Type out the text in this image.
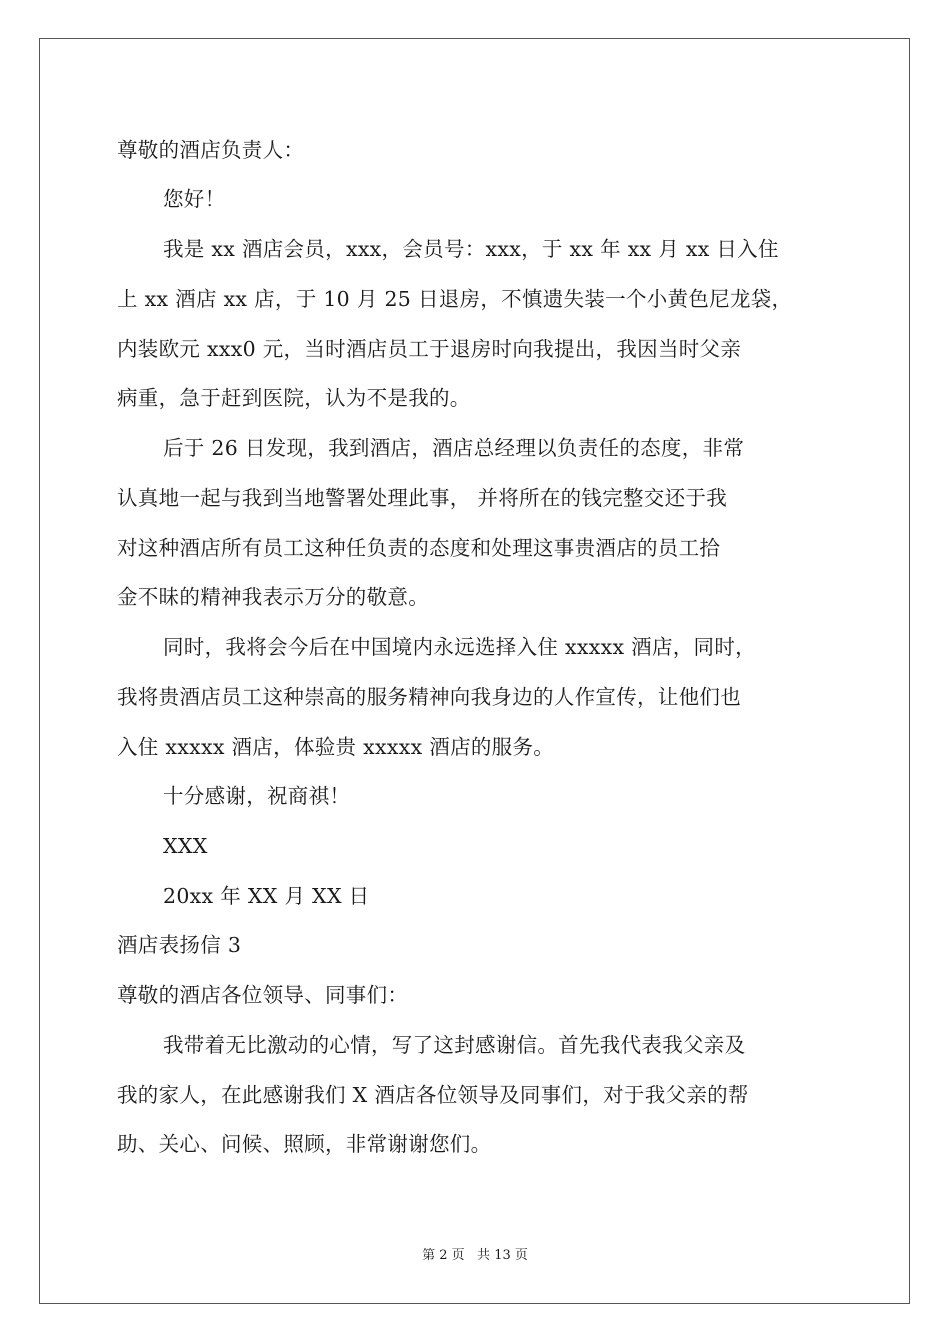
尊敬的酒店负责人：
您好！
我是 xx 酒店会员，xxx，会员号：xxx，于 xx 年 xx 月 xx 日入住
上 xx 酒店 xx 店，于 10 月 25 日退房，不慎遗失装一个小黄色尼龙袋，
内装欧元 xxx0 元，当时酒店员工于退房时向我提出，我因当时父亲
病重，急于赶到医院，认为不是我的。
后于 26 日发现，我到酒店，酒店总经理以负责任的态度，非常
认真地一起与我到当地警署处理此事， 并将所在的钱完整交还于我
对这种酒店所有员工这种任负责的态度和处理这事贵酒店的员工拾
金不昧的精神我表示万分的敬意。
同时，我将会今后在中国境内永远选择入住 xxxxx 酒店，同时，
我将贵酒店员工这种崇高的服务精神向我身边的人作宣传，让他们也
入住 xxxxx 酒店，体验贵 xxxxx 酒店的服务。
十分感谢，祝商祺！
XXX
20xx 年 XX 月 XX 日
酒店表扬信 3
尊敬的酒店各位领导、同事们：
我带着无比激动的心情，写了这封感谢信。首先我代表我父亲及
我的家人，在此感谢我们 X 酒店各位领导及同事们，对于我父亲的帮
助、关心、问候、照顾，非常谢谢您们。
第 2 页   共 13 页
